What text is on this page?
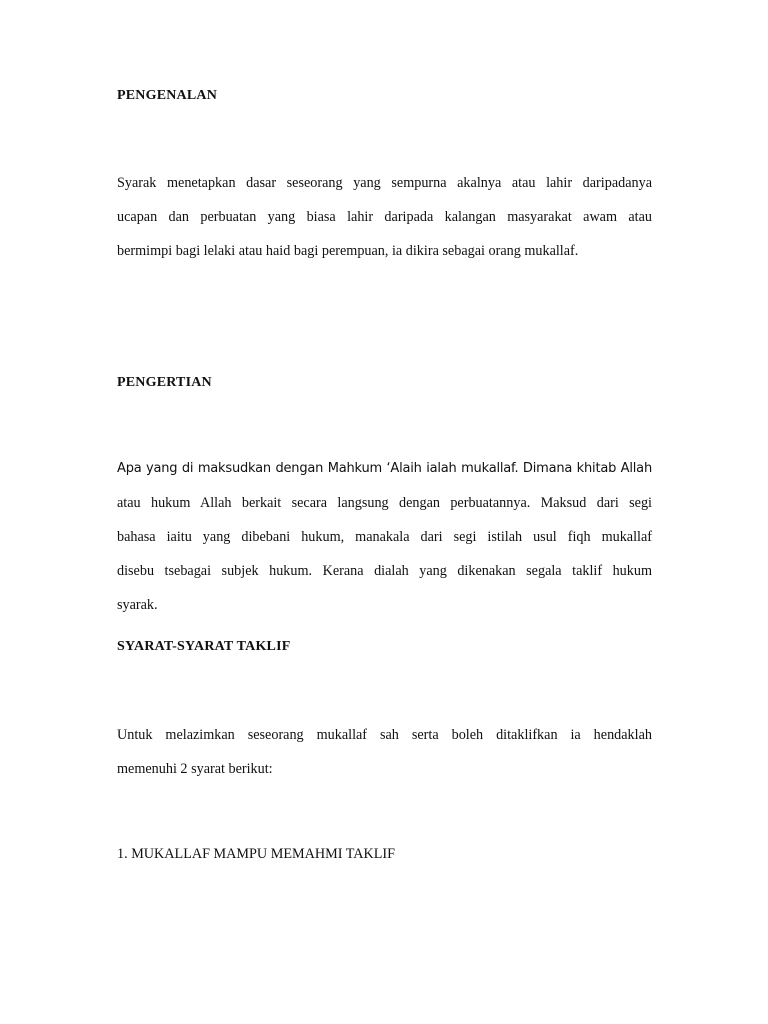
PENGENALAN
Syarak menetapkan dasar seseorang yang sempurna akalnya atau lahir daripadanya
ucapan dan perbuatan yang biasa lahir daripada kalangan masyarakat awam atau
bermimpi bagi lelaki atau haid bagi perempuan, ia dikira sebagai orang mukallaf.
PENGERTIAN
Apa yang di maksudkan dengan Mahkum ‘Alaih ialah mukallaf. Dimana khitab Allah
atau hukum Allah berkait secara langsung dengan perbuatannya. Maksud dari segi
bahasa iaitu yang dibebani hukum, manakala dari segi istilah usul fiqh mukallaf
disebu tsebagai subjek hukum. Kerana dialah yang dikenakan segala taklif hukum
syarak.
SYARAT-SYARAT TAKLIF
Untuk melazimkan seseorang mukallaf sah serta boleh ditaklifkan ia hendaklah
memenuhi 2 syarat berikut:

1. MUKALLAF MAMPU MEMAHMI TAKLIF
